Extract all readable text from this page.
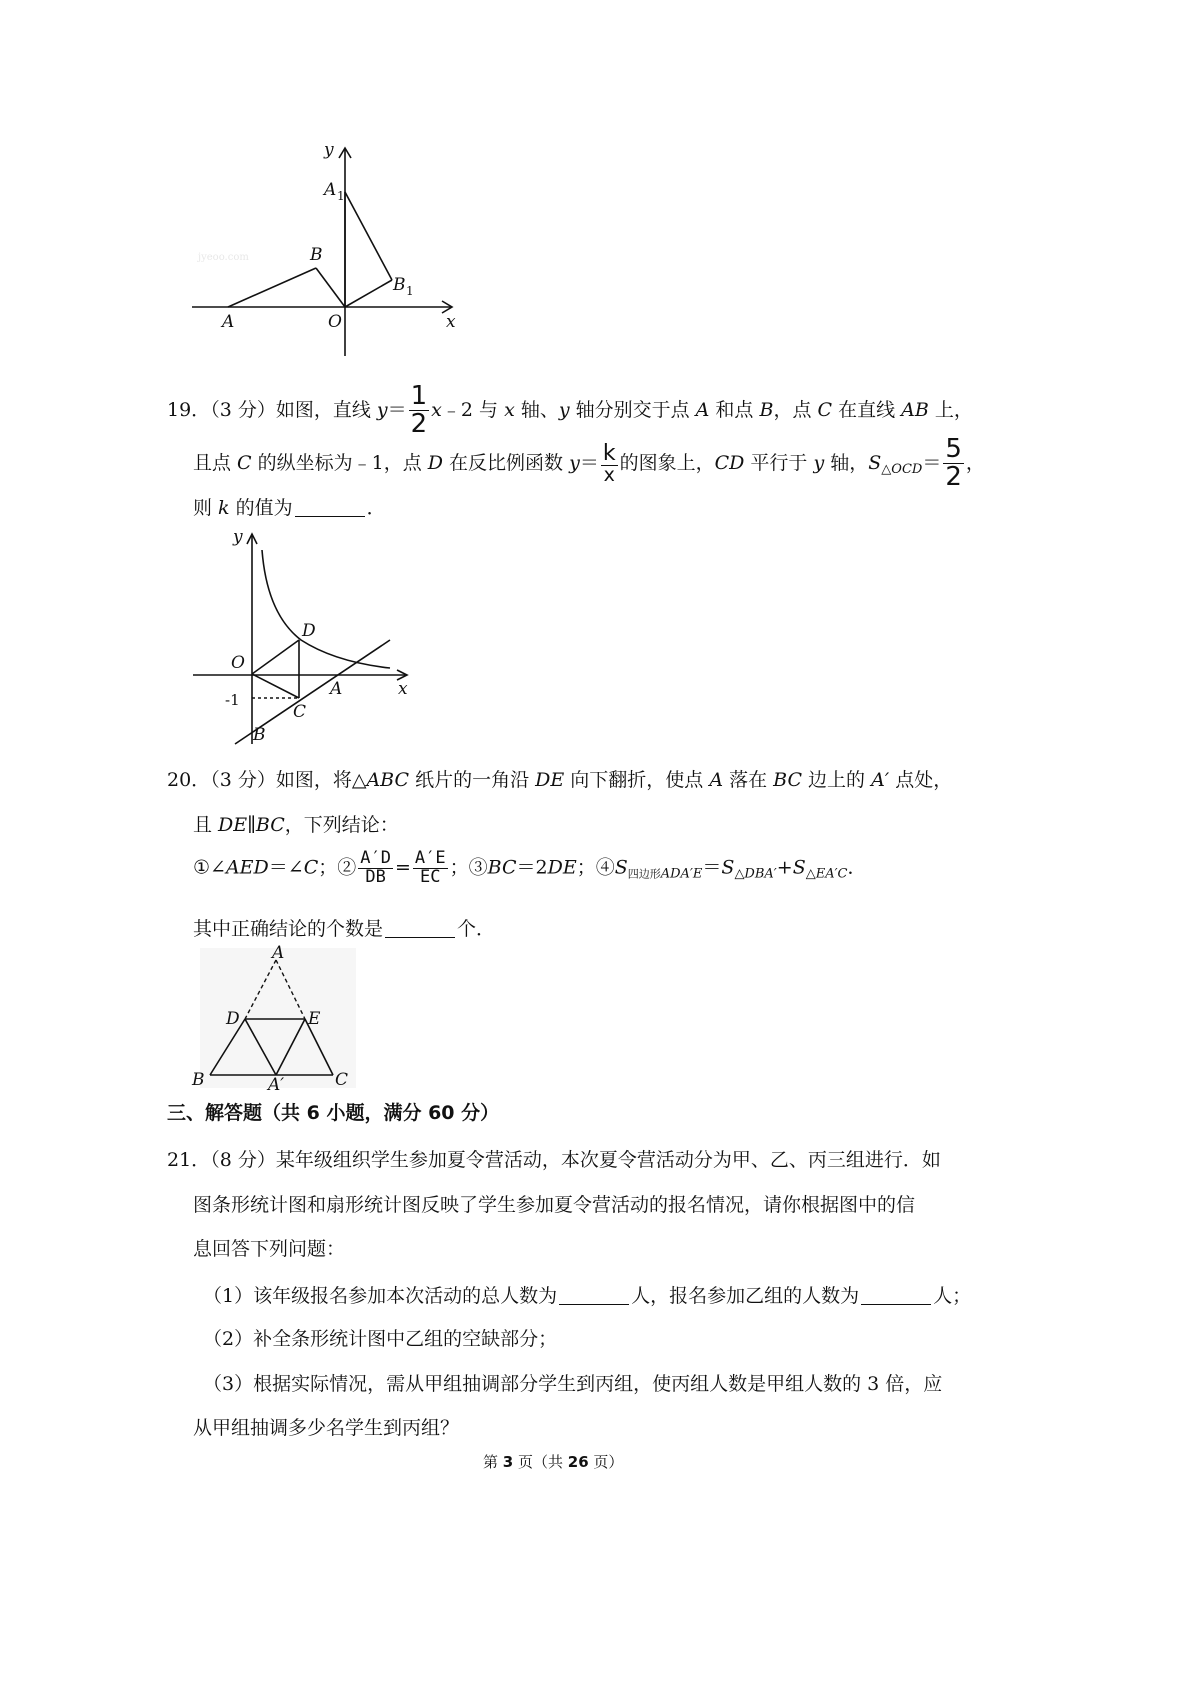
jyeoo.com
y
A 1
B
B 1
A	O	x
19．（3 分）如图，直线 $y= \frac{1}{2}$ x﹣2 与 x 轴、y 轴分别交于点 A 和点 B，点 C 在直线 AB 上，
且点 C 的纵坐标为﹣1，点 D 在反比例函数 $y= \frac{k}{x}$ 的图象上，CD 平行于 y 轴，$S_{\triangle OCD}= \frac{5}{2}$ ，
则 k 的值为	．
y
D
O
-1
C
A	x
B
20．（3 分）如图，将△ABC 纸片的一角沿 DE 向下翻折，使点 A 落在 BC 边上的 A′ 点处，
且 DE∥BC，下列结论：
①∠AED＝∠C；② $\frac{A'D}{DB} = \frac{A'E}{EC}$ ；③BC＝2DE；$④S_{四边形ADA'E}=S_{\triangle DBA'}+S_{\triangle EA'C}$．
其中正确结论的个数是	个．
A
D	E
B	A′	C
三、解答题（共 6 小题，满分 60 分）
21．（8 分）某年级组织学生参加夏令营活动，本次夏令营活动分为甲、乙、丙三组进行．如
图条形统计图和扇形统计图反映了学生参加夏令营活动的报名情况，请你根据图中的信
息回答下列问题：
（1）该年级报名参加本次活动的总人数为	人，报名参加乙组的人数为	人；
（2）补全条形统计图中乙组的空缺部分；
（3）根据实际情况，需从甲组抽调部分学生到丙组，使丙组人数是甲组人数的 3 倍，应
从甲组抽调多少名学生到丙组？
第 3 页（共 26 页）
